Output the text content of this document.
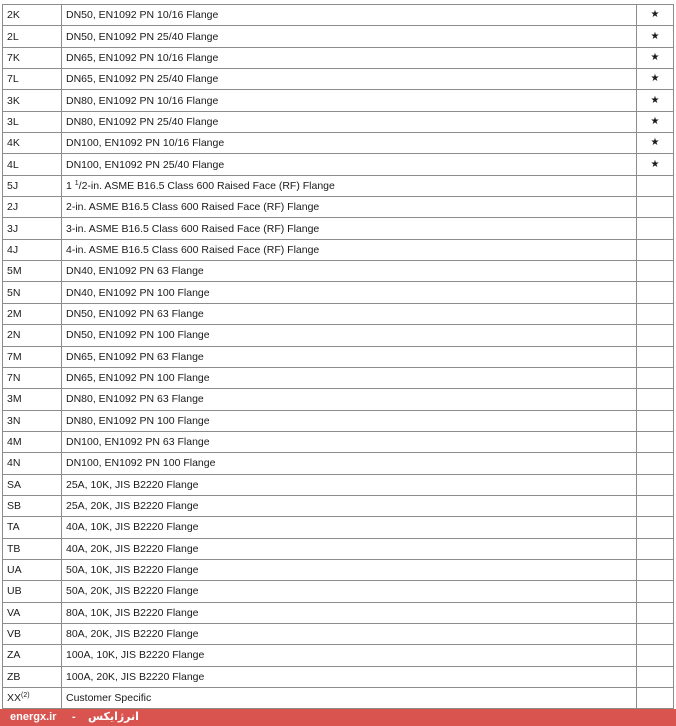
2K	DN50, EN1092 PN 10/16 Flange	★
2L	DN50, EN1092 PN 25/40 Flange	★
7K	DN65, EN1092 PN 10/16 Flange	★
7L	DN65, EN1092 PN 25/40 Flange	★
3K	DN80, EN1092 PN 10/16 Flange	★
3L	DN80, EN1092 PN 25/40 Flange	★
4K	DN100, EN1092 PN 10/16 Flange	★
4L	DN100, EN1092 PN 25/40 Flange	★
5J	1 $^1$/2-in. ASME B16.5 Class 600 Raised Face (RF) Flange	
2J	2-in. ASME B16.5 Class 600 Raised Face (RF) Flange	
3J	3-in. ASME B16.5 Class 600 Raised Face (RF) Flange	
4J	4-in. ASME B16.5 Class 600 Raised Face (RF) Flange	
5M	DN40, EN1092 PN 63 Flange	
5N	DN40, EN1092 PN 100 Flange	
2M	DN50, EN1092 PN 63 Flange	
2N	DN50, EN1092 PN 100 Flange	
7M	DN65, EN1092 PN 63 Flange	
7N	DN65, EN1092 PN 100 Flange	
3M	DN80, EN1092 PN 63 Flange	
3N	DN80, EN1092 PN 100 Flange	
4M	DN100, EN1092 PN 63 Flange	
4N	DN100, EN1092 PN 100 Flange	
SA	25A, 10K, JIS B2220 Flange	
SB	25A, 20K, JIS B2220 Flange	
TA	40A, 10K, JIS B2220 Flange	
TB	40A, 20K, JIS B2220 Flange	
UA	50A, 10K, JIS B2220 Flange	
UB	50A, 20K, JIS B2220 Flange	
VA	80A, 10K, JIS B2220 Flange	
VB	80A, 20K, JIS B2220 Flange	
ZA	100A, 10K, JIS B2220 Flange	
ZB	100A, 20K, JIS B2220 Flange	
XX$^{(2)}$	Customer Specific	
energx.ir - انرژایکس
